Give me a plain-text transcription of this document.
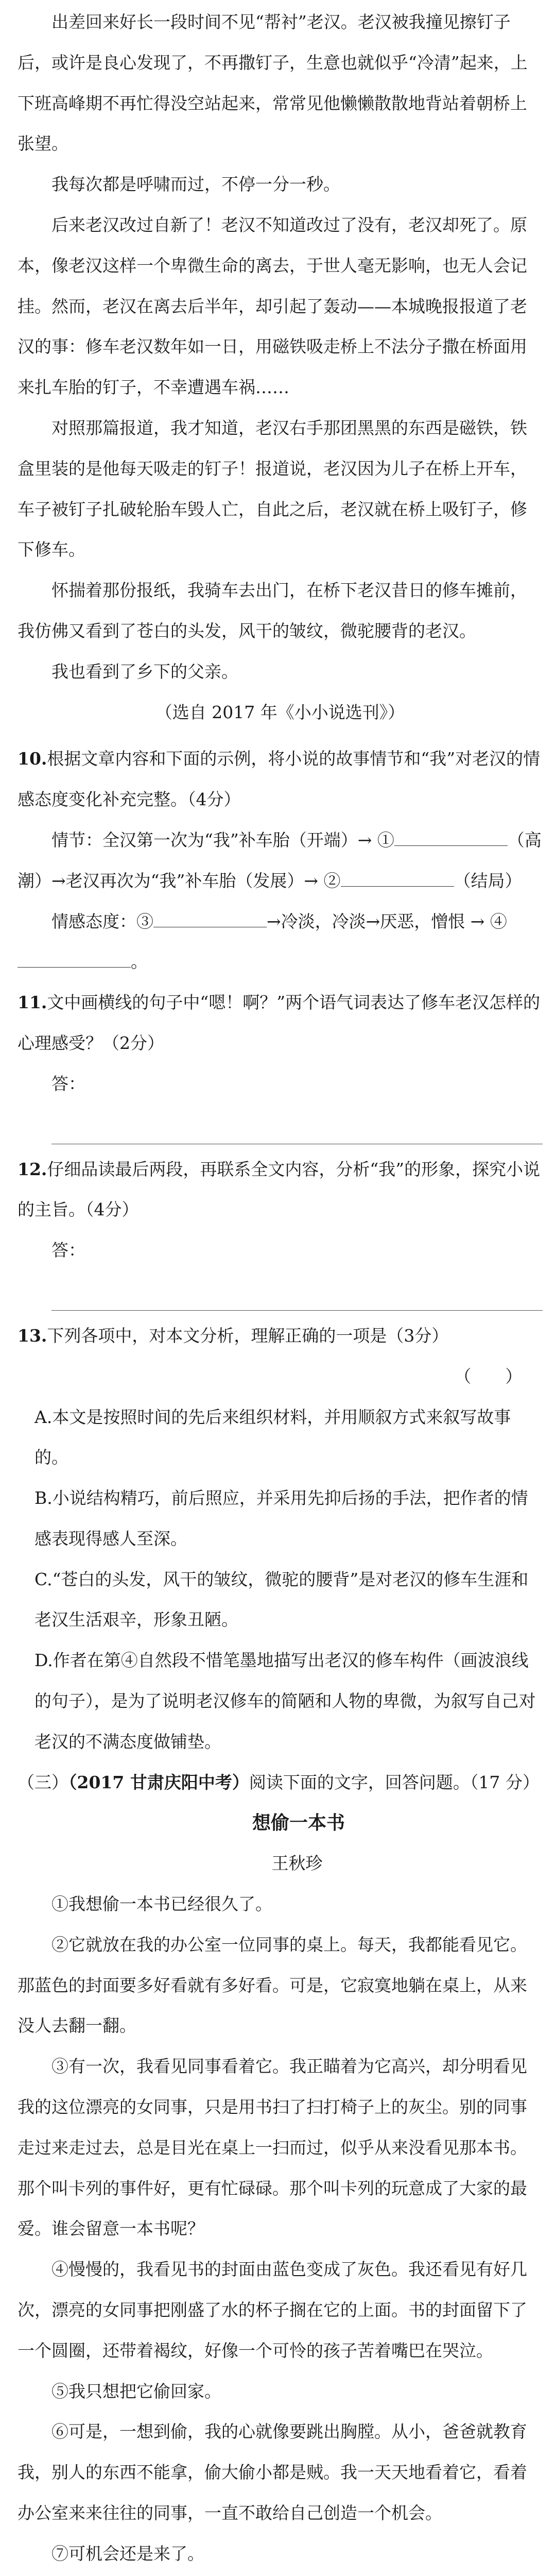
出差回来好长一段时间不见“帮衬”老汉。老汉被我撞见擦钉子后，或许是良心发现了，不再撒钉子，生意也就似乎“冷清”起来，上下班高峰期不再忙得没空站起来，常常见他懒懒散散地背站着朝桥上张望。

我每次都是呼啸而过，不停一分一秒。

后来老汉改过自新了！老汉不知道改过了没有，老汉却死了。原本，像老汉这样一个卑微生命的离去，于世人毫无影响，也无人会记挂。然而，老汉在离去后半年，却引起了轰动——本城晚报报道了老汉的事：修车老汉数年如一日，用磁铁吸走桥上不法分子撒在桥面用来扎车胎的钉子，不幸遭遇车祸……

对照那篇报道，我才知道，老汉右手那团黑黑的东西是磁铁，铁盒里装的是他每天吸走的钉子！报道说，老汉因为儿子在桥上开车，车子被钉子扎破轮胎车毁人亡，自此之后，老汉就在桥上吸钉子，修下修车。

怀揣着那份报纸，我骑车去出门，在桥下老汉昔日的修车摊前，我仿佛又看到了苍白的头发，风干的皱纹，微驼腰背的老汉。

我也看到了乡下的父亲。

（选自 2017 年《小小说选刊》）

10.根据文章内容和下面的示例，将小说的故事情节和“我”对老汉的情感态度变化补充完整。（4分）

情节：全汉第一次为“我”补车胎（开端）→ ①	（高潮）→老汉再次为“我”补车胎（发展）→ ②	（结局）

情感态度：③	→冷淡，冷淡→厌恶，憎恨 → ④。

11.文中画横线的句子中“嗯！啊？”两个语气词表达了修车老汉怎样的心理感受？（2分）

答：

12.仔细品读最后两段，再联系全文内容，分析“我”的形象，探究小说的主旨。（4分）

答：

13.下列各项中，对本文分析，理解正确的一项是（3分）

（　　）

A.本文是按照时间的先后来组织材料，并用顺叙方式来叙写故事的。

B.小说结构精巧，前后照应，并采用先抑后扬的手法，把作者的情感表现得感人至深。

C.“苍白的头发，风干的皱纹，微驼的腰背”是对老汉的修车生涯和老汉生活艰辛，形象丑陋。

D.作者在第④自然段不惜笔墨地描写出老汉的修车构件（画波浪线的句子），是为了说明老汉修车的简陋和人物的卑微，为叙写自己对老汉的不满态度做铺垫。

（三）（2017 甘肃庆阳中考）阅读下面的文字，回答问题。（17 分）

想偷一本书

王秋珍

①我想偷一本书已经很久了。

②它就放在我的办公室一位同事的桌上。每天，我都能看见它。那蓝色的封面要多好看就有多好看。可是，它寂寞地躺在桌上，从来没人去翻一翻。

③有一次，我看见同事看着它。我正瞄着为它高兴，却分明看见我的这位漂亮的女同事，只是用书扫了扫打椅子上的灰尘。别的同事走过来走过去，总是目光在桌上一扫而过，似乎从来没看见那本书。那个叫卡列的事件好，更有忙碌碌。那个叫卡列的玩意成了大家的最爱。谁会留意一本书呢？

④慢慢的，我看见书的封面由蓝色变成了灰色。我还看见有好几次，漂亮的女同事把刚盛了水的杯子搁在它的上面。书的封面留下了一个圆圈，还带着褐纹，好像一个可怜的孩子苦着嘴巴在哭泣。

⑤我只想把它偷回家。

⑥可是，一想到偷，我的心就像要跳出胸膛。从小，爸爸就教育我，别人的东西不能拿，偷大偷小都是贼。我一天天地看着它，看着办公室来来往往的同事，一直不敢给自己创造一个机会。

⑦可机会还是来了。
